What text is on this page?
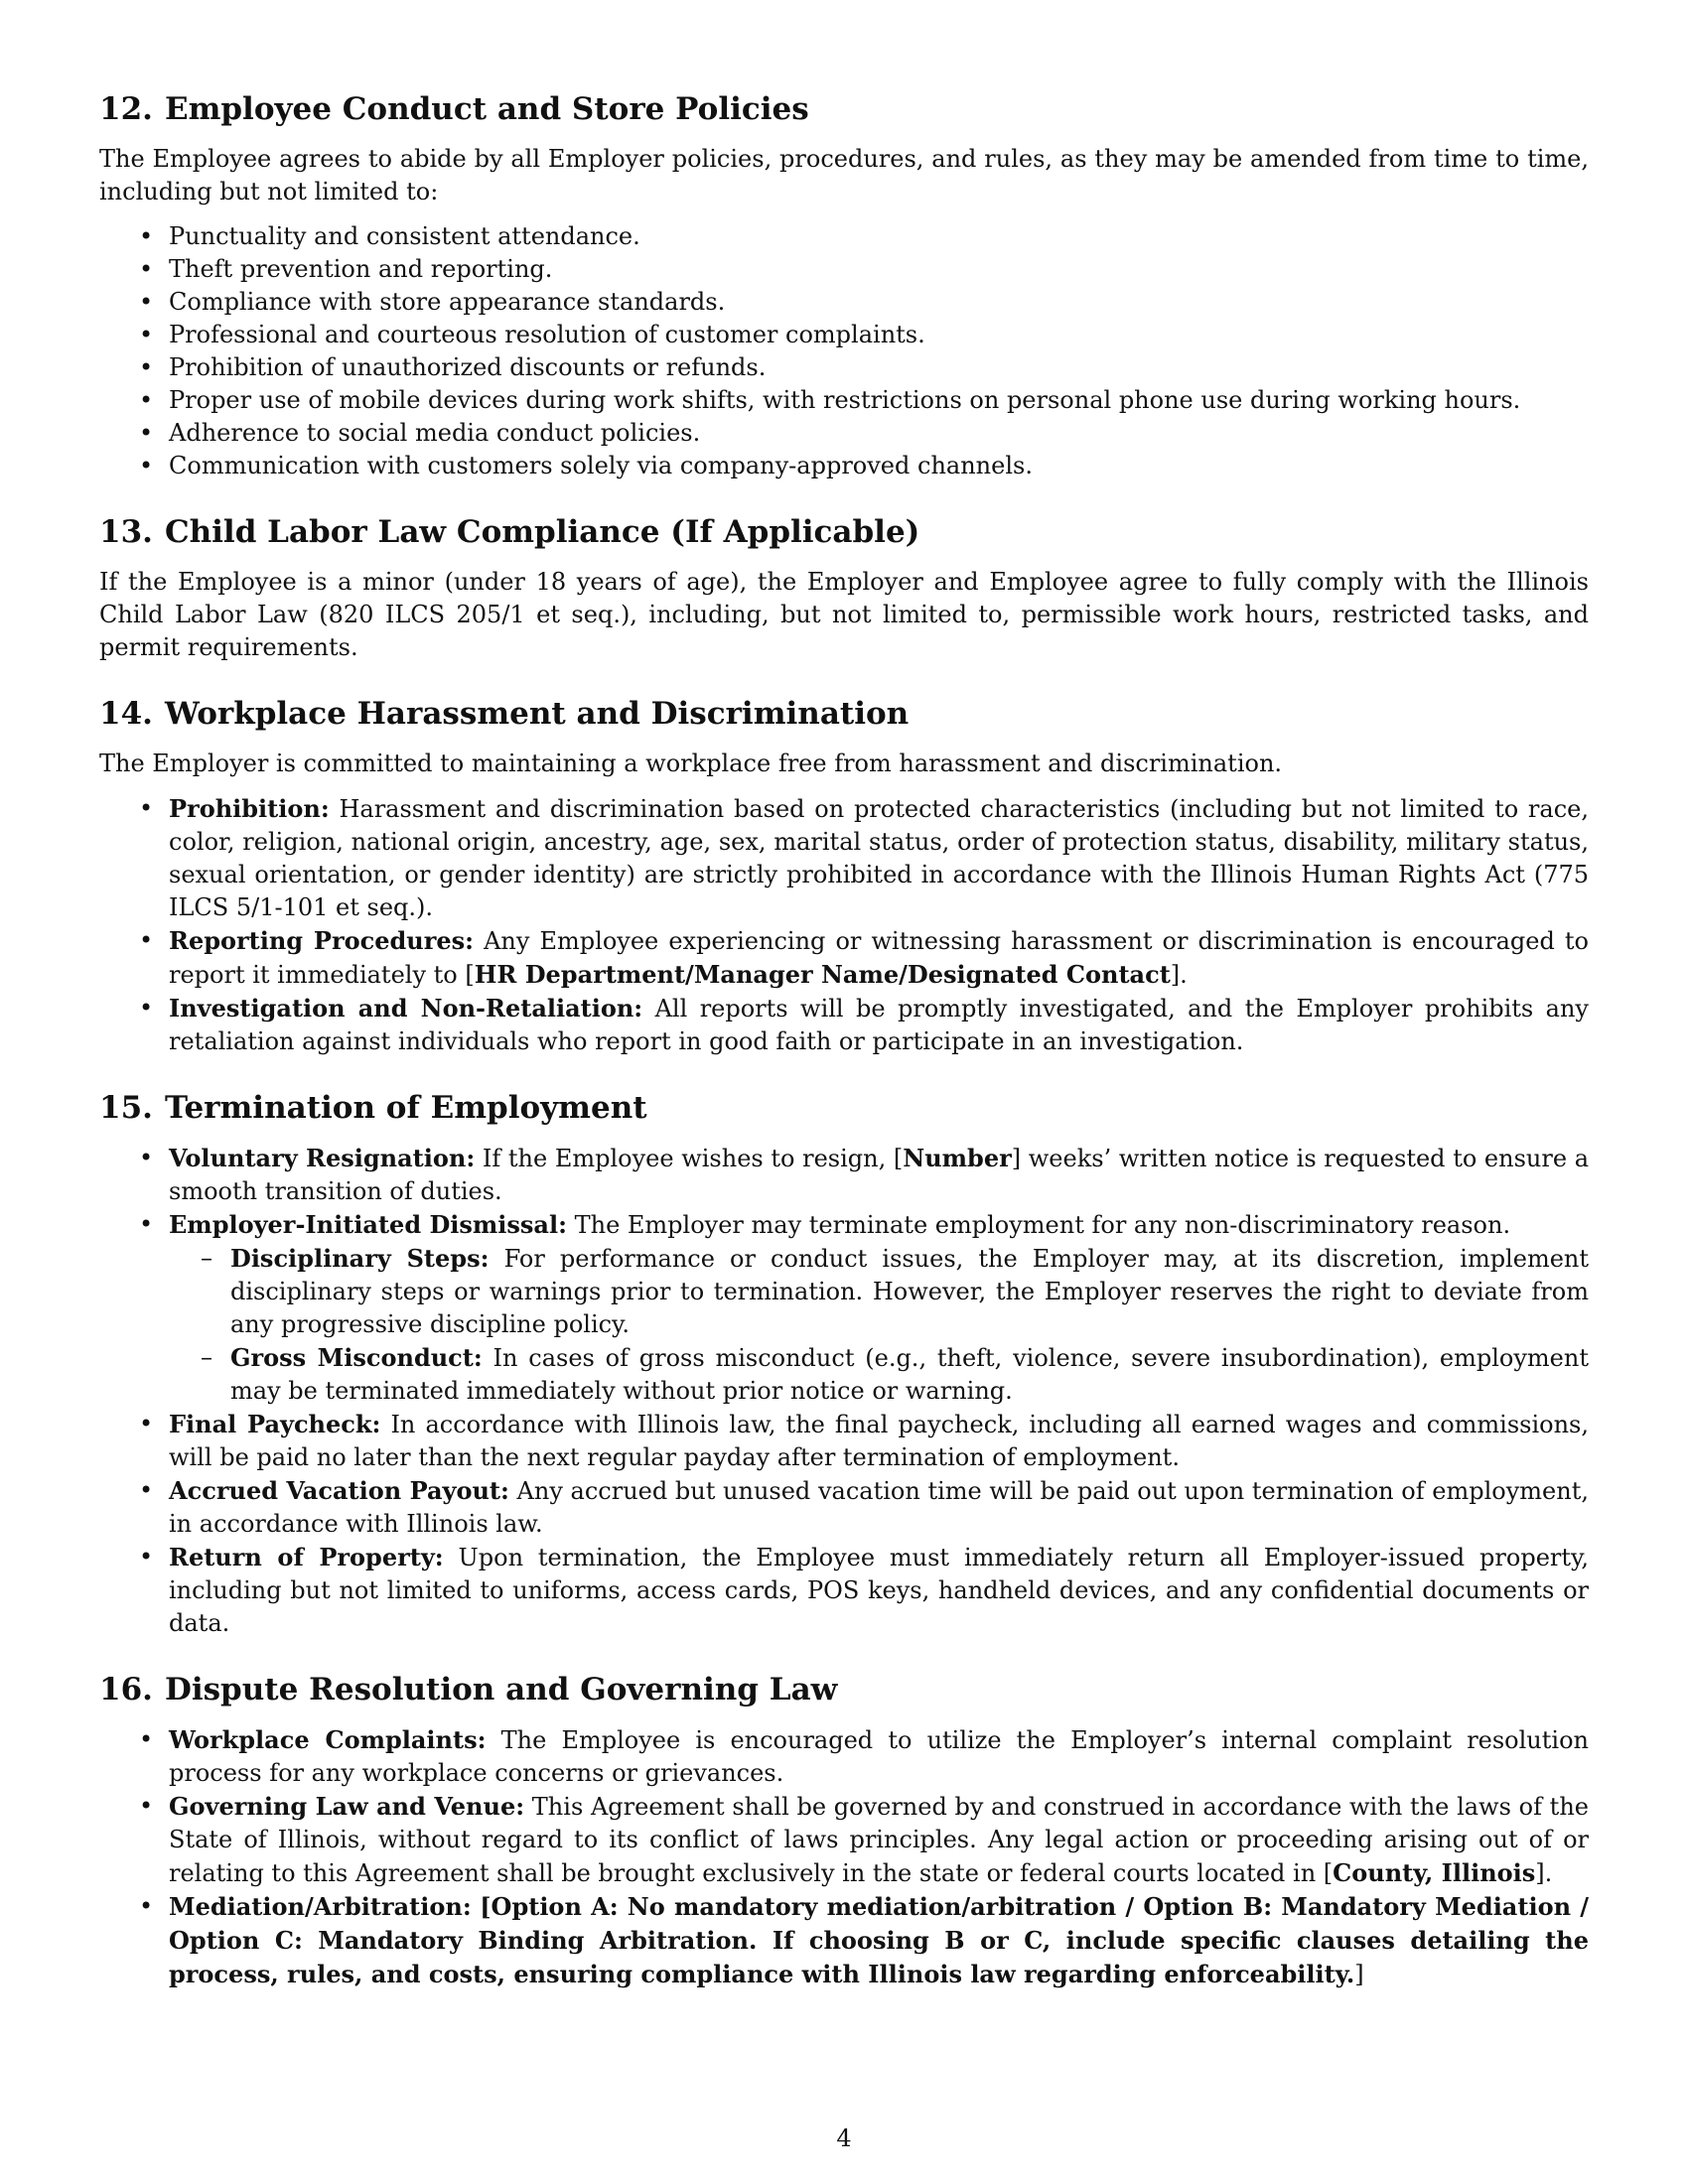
12. Employee Conduct and Store Policies

The Employee agrees to abide by all Employer policies, procedures, and rules, as they may be amended from time to time, including but not limited to:

• Punctuality and consistent attendance.
• Theft prevention and reporting.
• Compliance with store appearance standards.
• Professional and courteous resolution of customer complaints.
• Prohibition of unauthorized discounts or refunds.
• Proper use of mobile devices during work shifts, with restrictions on personal phone use during working hours.
• Adherence to social media conduct policies.
• Communication with customers solely via company-approved channels.
13. Child Labor Law Compliance (If Applicable)

If the Employee is a minor (under 18 years of age), the Employer and Employee agree to fully comply with the Illinois Child Labor Law (820 ILCS 205/1 et seq.), including, but not limited to, permissible work hours, restricted tasks, and permit requirements.

14. Workplace Harassment and Discrimination

The Employer is committed to maintaining a workplace free from harassment and discrimination.

• Prohibition: Harassment and discrimination based on protected characteristics (including but not limited to race, color, religion, national origin, ancestry, age, sex, marital status, order of protection status, disability, military status, sexual orientation, or gender identity) are strictly prohibited in accordance with the Illinois Human Rights Act (775 ILCS 5/1-101 et seq.).
• Reporting Procedures: Any Employee experiencing or witnessing harassment or discrimination is encouraged to report it immediately to [HR Department/Manager Name/Designated Contact].
• Investigation and Non-Retaliation: All reports will be promptly investigated, and the Employer prohibits any retaliation against individuals who report in good faith or participate in an investigation.
15. Termination of Employment
• Voluntary Resignation: If the Employee wishes to resign, [Number] weeks’ written notice is requested to ensure a smooth transition of duties.
• Employer-Initiated Dismissal: The Employer may terminate employment for any non-discriminatory reason.
– Disciplinary Steps: For performance or conduct issues, the Employer may, at its discretion, implement disciplinary steps or warnings prior to termination. However, the Employer reserves the right to deviate from any progressive discipline policy.
– Gross Misconduct: In cases of gross misconduct (e.g., theft, violence, severe insubordination), employment may be terminated immediately without prior notice or warning.
• Final Paycheck: In accordance with Illinois law, the final paycheck, including all earned wages and commissions, will be paid no later than the next regular payday after termination of employment.
• Accrued Vacation Payout: Any accrued but unused vacation time will be paid out upon termination of employment, in accordance with Illinois law.
• Return of Property: Upon termination, the Employee must immediately return all Employer-issued property, including but not limited to uniforms, access cards, POS keys, handheld devices, and any confidential documents or data.
16. Dispute Resolution and Governing Law
• Workplace Complaints: The Employee is encouraged to utilize the Employer’s internal complaint resolution process for any workplace concerns or grievances.
• Governing Law and Venue: This Agreement shall be governed by and construed in accordance with the laws of the State of Illinois, without regard to its conflict of laws principles. Any legal action or proceeding arising out of or relating to this Agreement shall be brought exclusively in the state or federal courts located in [County, Illinois].
• Mediation/Arbitration: [Option A: No mandatory mediation/arbitration / Option B: Mandatory Mediation / Option C: Mandatory Binding Arbitration. If choosing B or C, include specific clauses detailing the process, rules, and costs, ensuring compliance with Illinois law regarding enforceability.]
4
